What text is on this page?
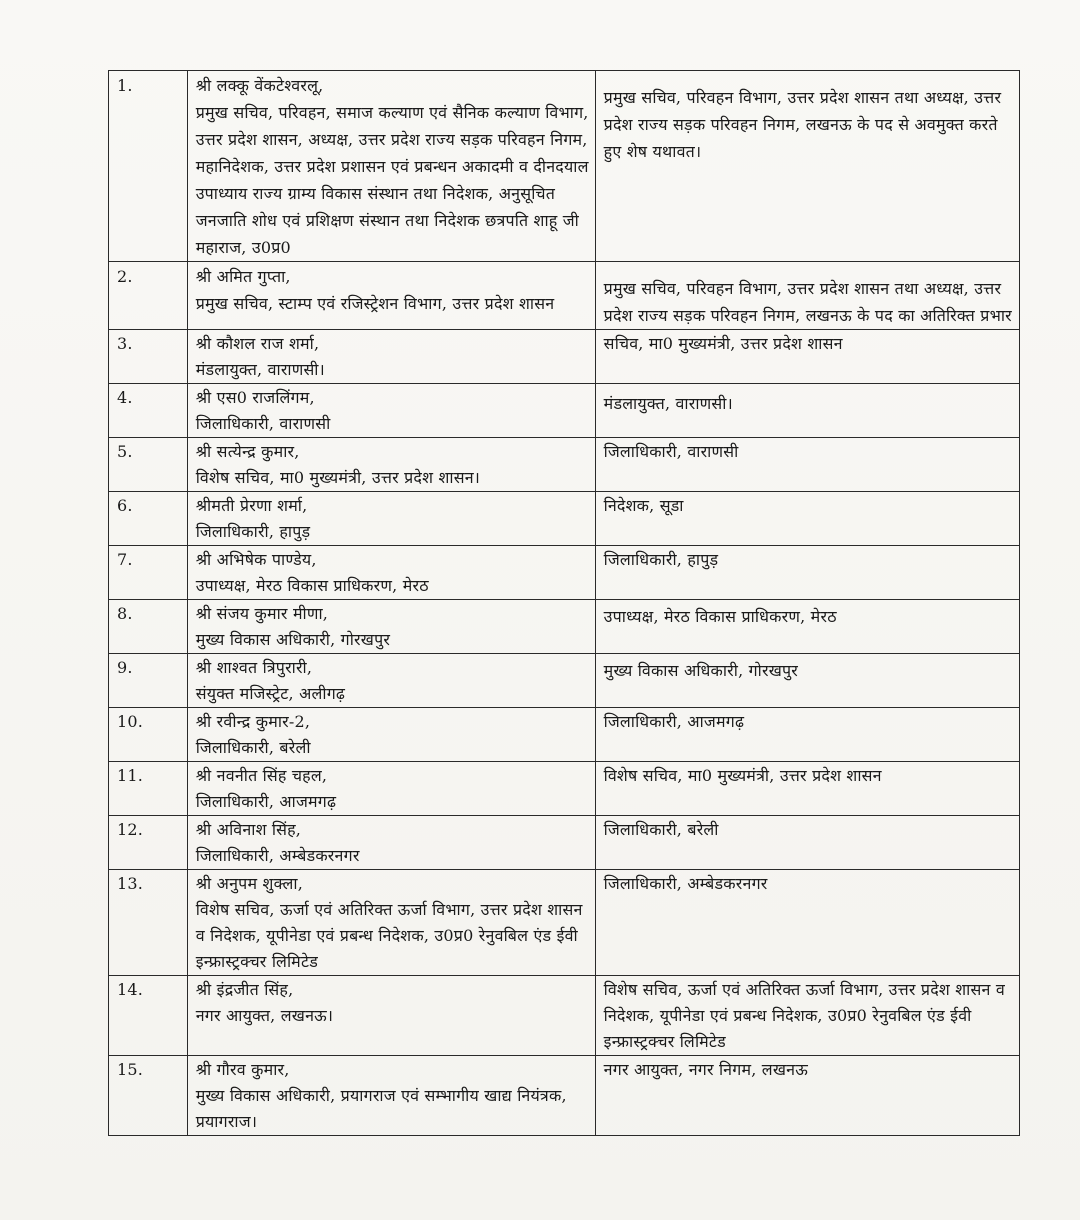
1.	श्री लक्कू वेंकटेश्वरलू,
प्रमुख सचिव, परिवहन, समाज कल्याण एवं सैनिक कल्याण विभाग, उत्तर प्रदेश शासन, अध्यक्ष, उत्तर प्रदेश राज्य सड़क परिवहन निगम, महानिदेशक, उत्तर प्रदेश प्रशासन एवं प्रबन्धन अकादमी व दीनदयाल उपाध्याय राज्य ग्राम्य विकास संस्थान तथा निदेशक, अनुसूचित जनजाति शोध एवं प्रशिक्षण संस्थान तथा निदेशक छत्रपति शाहू जी महाराज, उ0प्र0	प्रमुख सचिव, परिवहन विभाग, उत्तर प्रदेश शासन तथा अध्यक्ष, उत्तर प्रदेश राज्य सड़क परिवहन निगम, लखनऊ के पद से अवमुक्त करते हुए शेष यथावत।

2.	श्री अमित गुप्ता,
प्रमुख सचिव, स्टाम्प एवं रजिस्ट्रेशन विभाग, उत्तर प्रदेश शासन	प्रमुख सचिव, परिवहन विभाग, उत्तर प्रदेश शासन तथा अध्यक्ष, उत्तर प्रदेश राज्य सड़क परिवहन निगम, लखनऊ के पद का अतिरिक्त प्रभार

3.	श्री कौशल राज शर्मा,
मंडलायुक्त, वाराणसी।	सचिव, मा0 मुख्यमंत्री, उत्तर प्रदेश शासन
4.	श्री एस0 राजलिंगम,
जिलाधिकारी, वाराणसी	मंडलायुक्त, वाराणसी।

5.	श्री सत्येन्द्र कुमार,
विशेष सचिव, मा0 मुख्यमंत्री, उत्तर प्रदेश शासन।	जिलाधिकारी, वाराणसी
6.	श्रीमती प्रेरणा शर्मा,
जिलाधिकारी, हापुड़	निदेशक, सूडा
7.	श्री अभिषेक पाण्डेय,
उपाध्यक्ष, मेरठ विकास प्राधिकरण, मेरठ	जिलाधिकारी, हापुड़
8.	श्री संजय कुमार मीणा,
मुख्य विकास अधिकारी, गोरखपुर	उपाध्यक्ष, मेरठ विकास प्राधिकरण, मेरठ

9.	श्री शाश्वत त्रिपुरारी,
संयुक्त मजिस्ट्रेट, अलीगढ़	मुख्य विकास अधिकारी, गोरखपुर

10.	श्री रवीन्द्र कुमार-2,
जिलाधिकारी, बरेली	जिलाधिकारी, आजमगढ़
11.	श्री नवनीत सिंह चहल,
जिलाधिकारी, आजमगढ़	विशेष सचिव, मा0 मुख्यमंत्री, उत्तर प्रदेश शासन
12.	श्री अविनाश सिंह,
जिलाधिकारी, अम्बेडकरनगर	जिलाधिकारी, बरेली
13.	श्री अनुपम शुक्ला,
विशेष सचिव, ऊर्जा एवं अतिरिक्त ऊर्जा विभाग, उत्तर प्रदेश शासन व निदेशक, यूपीनेडा एवं प्रबन्ध निदेशक, उ0प्र0 रेनुवबिल एंड ईवी इन्फ्रास्ट्रक्चर लिमिटेड	जिलाधिकारी, अम्बेडकरनगर
14.	श्री इंद्रजीत सिंह,
नगर आयुक्त, लखनऊ।	विशेष सचिव, ऊर्जा एवं अतिरिक्त ऊर्जा विभाग, उत्तर प्रदेश शासन व निदेशक, यूपीनेडा एवं प्रबन्ध निदेशक, उ0प्र0 रेनुवबिल एंड ईवी इन्फ्रास्ट्रक्चर लिमिटेड
15.	श्री गौरव कुमार,
मुख्य विकास अधिकारी, प्रयागराज एवं सम्भागीय खाद्य नियंत्रक, प्रयागराज।	नगर आयुक्त, नगर निगम, लखनऊ
